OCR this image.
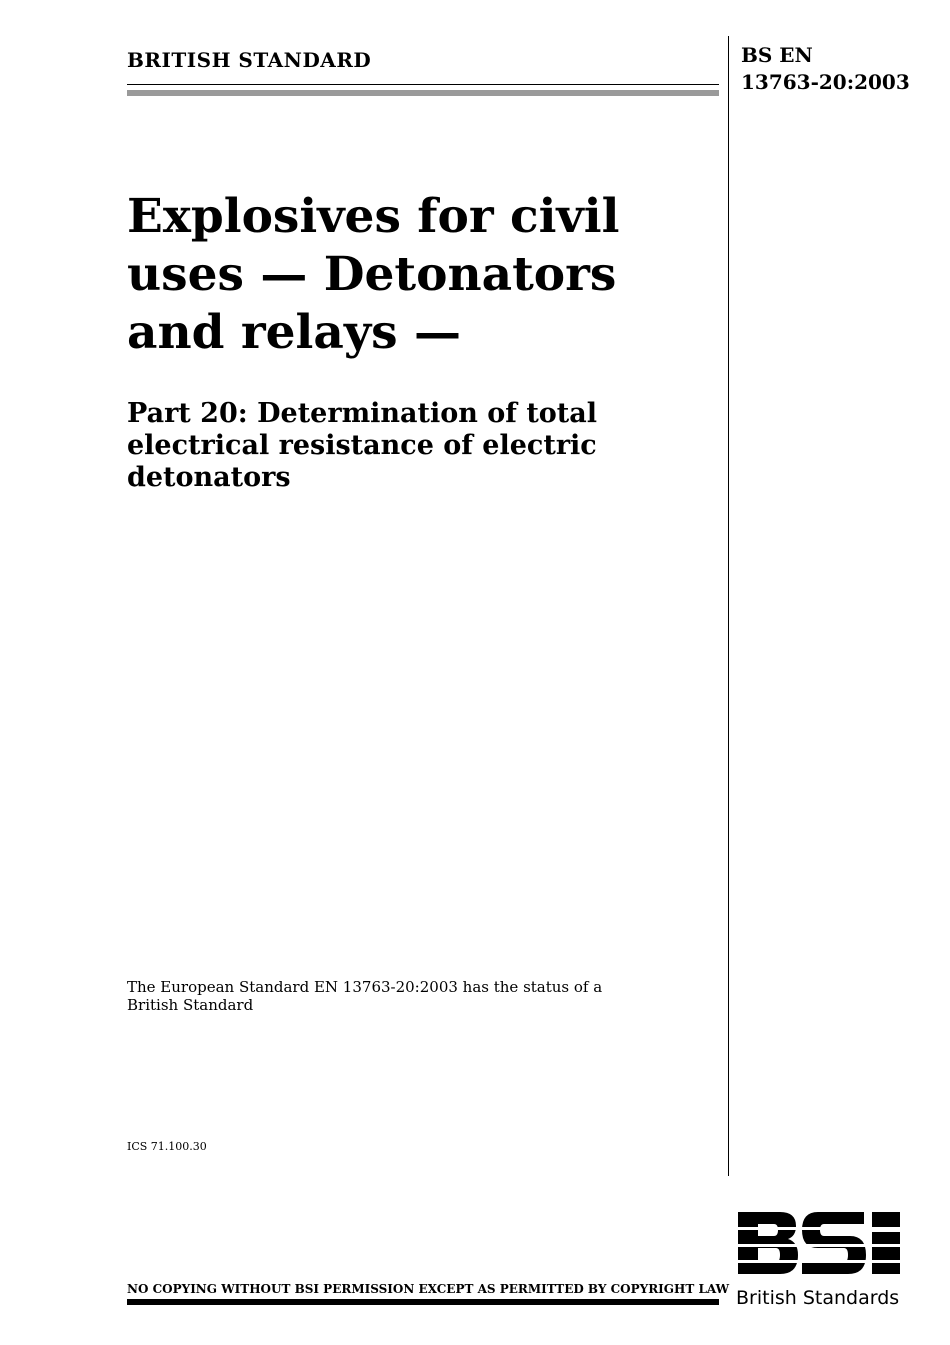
BRITISH STANDARD	BS EN
13763-20:2003
Explosives for civil
uses — Detonators
and relays —
Part 20: Determination of total
electrical resistance of electric
detonators
The European Standard EN 13763-20:2003 has the status of a British Standard
ICS 71.100.30
NO COPYING WITHOUT BSI PERMISSION EXCEPT AS PERMITTED BY COPYRIGHT LAW British Standards
